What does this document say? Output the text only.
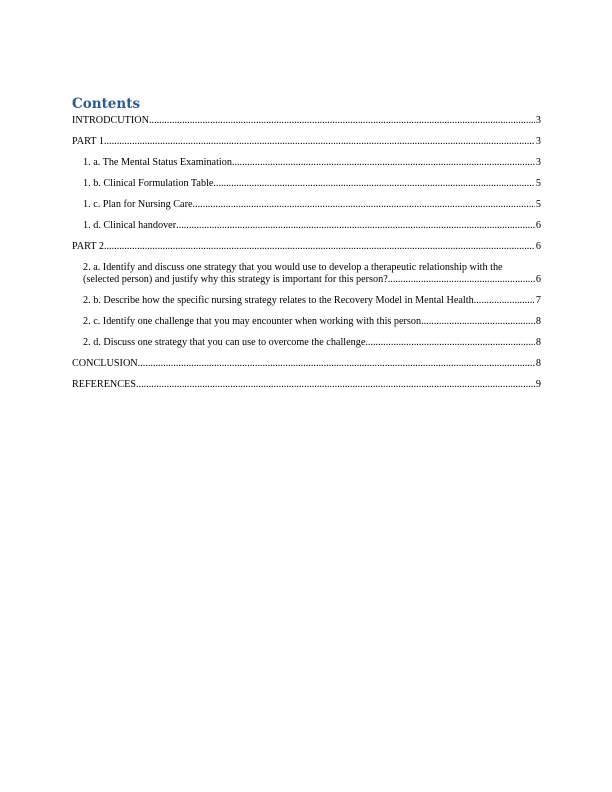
Contents
INTRODCUTION .....	3
PART 1 .....	3
1. a. The Mental Status Examination .....	3
1. b. Clinical Formulation Table .....	5
1. c. Plan for Nursing Care .....	5
1. d. Clinical handover .....	6
PART 2 .....	6
2. a. Identify and discuss one strategy that you would use to develop a therapeutic relationship with the
(selected person) and justify why this strategy is important for this person? .....	6
2. b. Describe how the specific nursing strategy relates to the Recovery Model in Mental Health .....	7
2. c. Identify one challenge that you may encounter when working with this person .....	8
2. d. Discuss one strategy that you can use to overcome the challenge .....	8
CONCLUSION .....	8
REFERENCES .....	9
